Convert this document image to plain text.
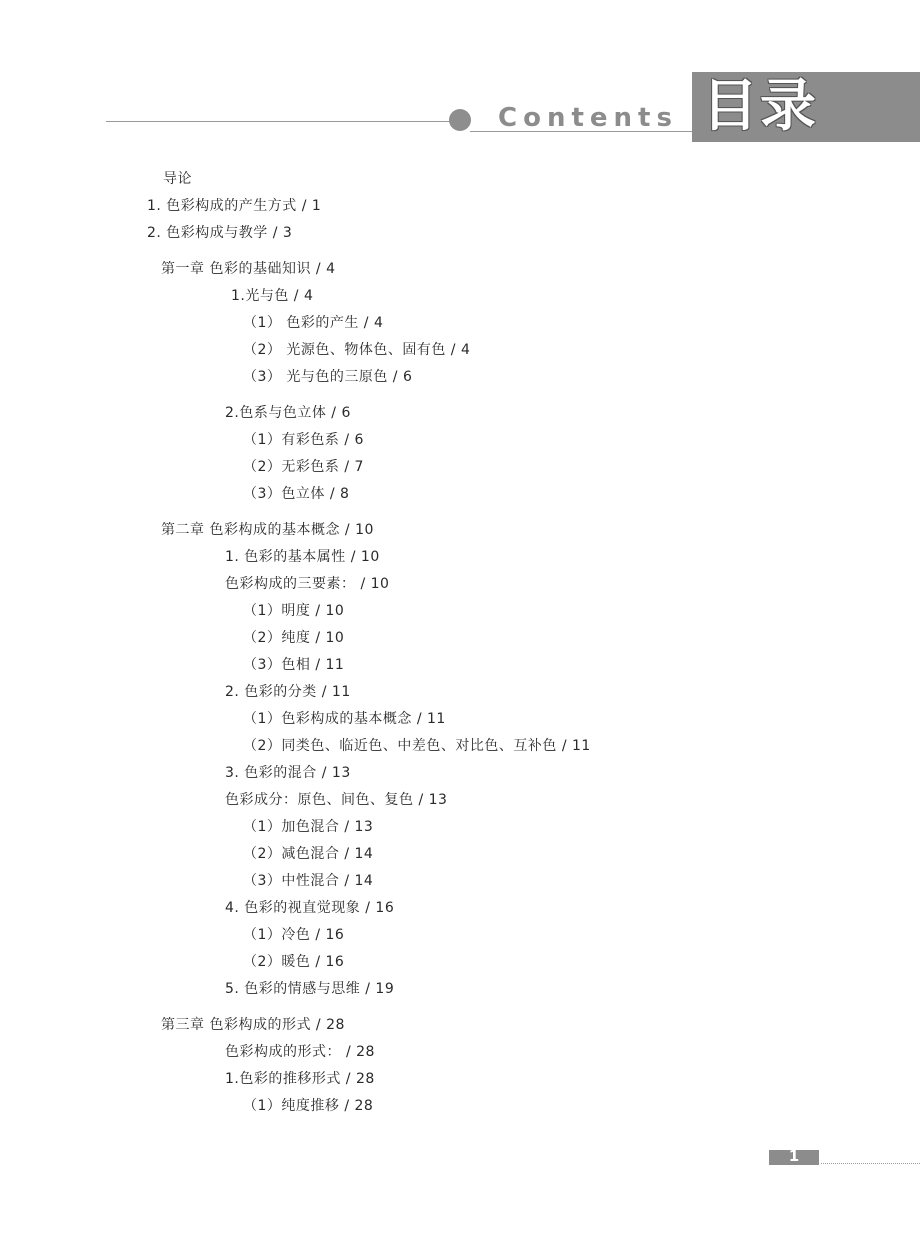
Contents 目录
导论
1. 色彩构成的产生方式 / 1
2. 色彩构成与教学 / 3
第一章 色彩的基础知识 / 4
1.光与色 / 4
（1） 色彩的产生 / 4
（2） 光源色、物体色、固有色 / 4
（3） 光与色的三原色 / 6
2.色系与色立体 / 6
（1）有彩色系 / 6
（2）无彩色系 / 7
（3）色立体 / 8
第二章 色彩构成的基本概念 / 10
1. 色彩的基本属性 / 10
色彩构成的三要素： / 10
（1）明度 / 10
（2）纯度 / 10
（3）色相 / 11
2. 色彩的分类 / 11
（1）色彩构成的基本概念 / 11
（2）同类色、临近色、中差色、对比色、互补色 / 11
3. 色彩的混合 / 13
色彩成分：原色、间色、复色 / 13
（1）加色混合 / 13
（2）减色混合 / 14
（3）中性混合 / 14
4. 色彩的视直觉现象 / 16
（1）冷色 / 16
（2）暖色 / 16
5. 色彩的情感与思维 / 19
第三章 色彩构成的形式 / 28
色彩构成的形式： / 28
1.色彩的推移形式 / 28
（1）纯度推移 / 28
1
